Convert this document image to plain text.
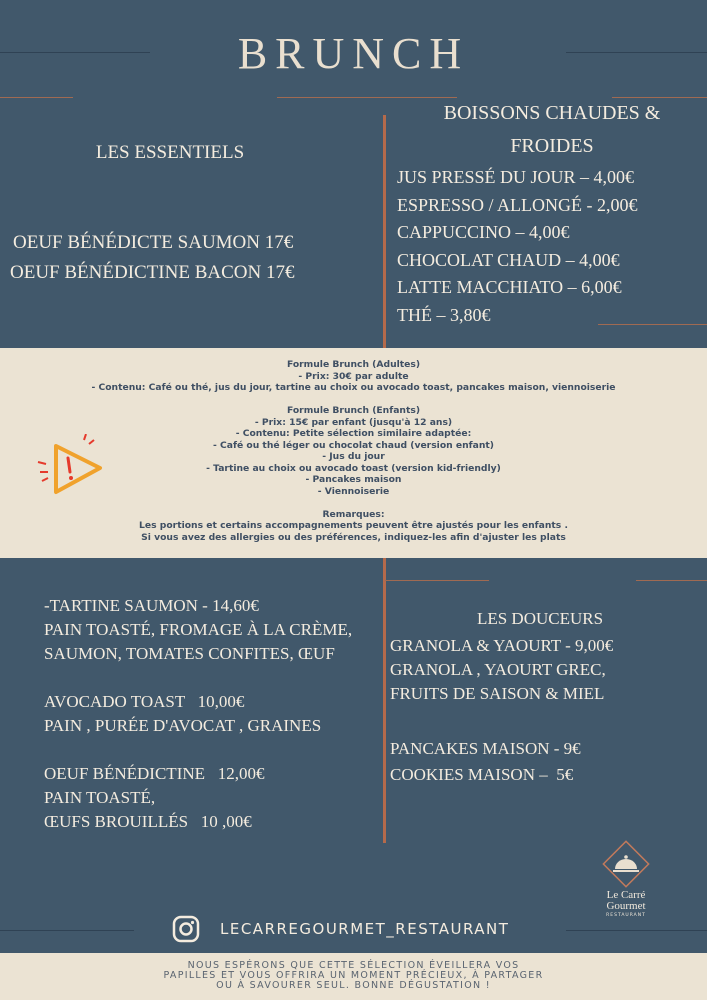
BRUNCH
LES ESSENTIELS
OEUF BÉNÉDICTE SAUMON 17€
OEUF BÉNÉDICTINE BACON 17€
BOISSONS CHAUDES &
FROIDES
JUS PRESSÉ DU JOUR – 4,00€
ESPRESSO / ALLONGÉ - 2,00€
CAPPUCCINO – 4,00€
CHOCOLAT CHAUD – 4,00€
LATTE MACCHIATO – 6,00€
THÉ – 3,80€
Formule Brunch (Adultes)
- Prix: 30€ par adulte
- Contenu: Café ou thé, jus du jour, tartine au choix ou avocado toast, pancakes maison, viennoiserie
Formule Brunch (Enfants)
- Prix: 15€ par enfant (jusqu'à 12 ans)
- Contenu: Petite sélection similaire adaptée:
- Café ou thé léger ou chocolat chaud (version enfant)
- Jus du jour
- Tartine au choix ou avocado toast (version kid-friendly)
- Pancakes maison
- Viennoiserie
Remarques:
Les portions et certains accompagnements peuvent être ajustés pour les enfants .
Si vous avez des allergies ou des préférences, indiquez-les afin d'ajuster les plats
-TARTINE SAUMON - 14,60€
PAIN TOASTÉ, FROMAGE À LA CRÈME,
SAUMON, TOMATES CONFITES, ŒUF
AVOCADO TOAST   10,00€
PAIN , PURÉE D'AVOCAT , GRAINES
OEUF BÉNÉDICTINE   12,00€
PAIN TOASTÉ,
ŒUFS BROUILLÉS   10 ,00€
LES DOUCEURS
GRANOLA & YAOURT - 9,00€
GRANOLA , YAOURT GREC,
FRUITS DE SAISON & MIEL
PANCAKES MAISON - 9€
COOKIES MAISON –  5€
Le Carré
Gourmet
RESTAURANT
LECARREGOURMET_RESTAURANT
NOUS ESPÉRONS QUE CETTE SÉLECTION ÉVEILLERA VOS
PAPILLES ET VOUS OFFRIRA UN MOMENT PRÉCIEUX, À PARTAGER
OU À SAVOURER SEUL. BONNE DÉGUSTATION !
